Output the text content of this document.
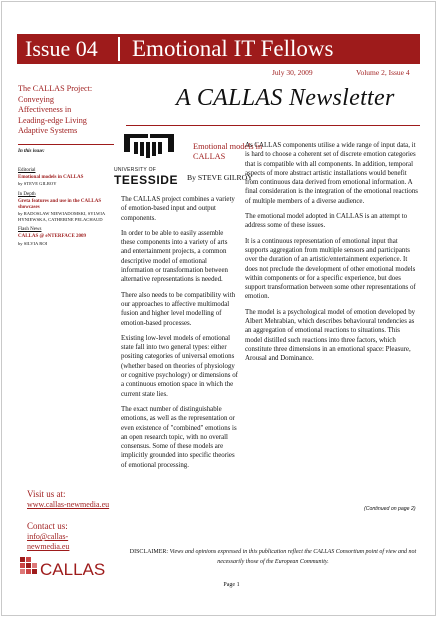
Issue 04	Emotional IT Fellows
July 30, 2009	Volume 2, Issue 4
A CALLAS Newsletter
The CALLAS Project:
Conveying
Affectiveness in
Leading-edge Living
Adaptive Systems
In this issue:
Editorial
Emotional models in CALLAS
by STEVE GILROY
In Depth
Greta features and use in the CALLAS showcases
by RADOSLAW NIEWIADOMSKI, SYLWIA HYNIEWSKA, CATHERINE PELACHAUD
Flash News
CALLAS @ eNTERFACE 2009
by SILVIA ROI
Visit us at:
www.callas-newmedia.eu
Contact us:
info@callas-
newmedia.eu
UNIVERSITY OF
TEESSIDE
Emotional models in
CALLAS
By STEVE GILROY

The CALLAS project combines a variety of emotion-based input and output components.

In order to be able to easily assemble these components into a variety of arts and entertainment projects, a common descriptive model of emotional information or transformation between alternative representations is needed.

There also needs to be compatibility with our approaches to affective multimodal fusion and higher level modelling of emotion-based processes.

Existing low-level models of emotional state fall into two general types: either positing categories of universal emotions (whether based on theories of physiology or cognitive psychology) or dimensions of a continuous emotion space in which the current state lies.

The exact number of distinguishable emotions, as well as the representation or even existence of "combined" emotions is an open research topic, with no overall consensus. Some of these models are implicitly grounded into specific theories of emotional processing.

As CALLAS components utilise a wide range of input data, it is hard to choose a coherent set of discrete emotion categories that is compatible with all components. In addition, temporal aspects of more abstract artistic installations would benefit from continuous data derived from emotional information. A final consideration is the integration of the emotional reactions of multiple members of a diverse audience.

The emotional model adopted in CALLAS is an attempt to address some of these issues.

It is a continuous representation of emotional input that supports aggregation from multiple sensors and participants over the duration of an artistic/entertainment experience. It does not preclude the development of other emotional models within components or for a specific experience, but does support transformation between some other representations of emotion.

The model is a psychological model of emotion developed by Albert Mehrabian, which describes behavioural tendencies as an aggregation of emotional reactions to situations. This model distilled such reactions into three factors, which constitute three dimensions in an emotional space: Pleasure, Arousal and Dominance.

(Continued on page 2)
CALLAS
DISCLAIMER: Views and opinions expressed in this publication reflect the CALLAS Consortium point of view and not necessarily those of the European Community.
Page 1
